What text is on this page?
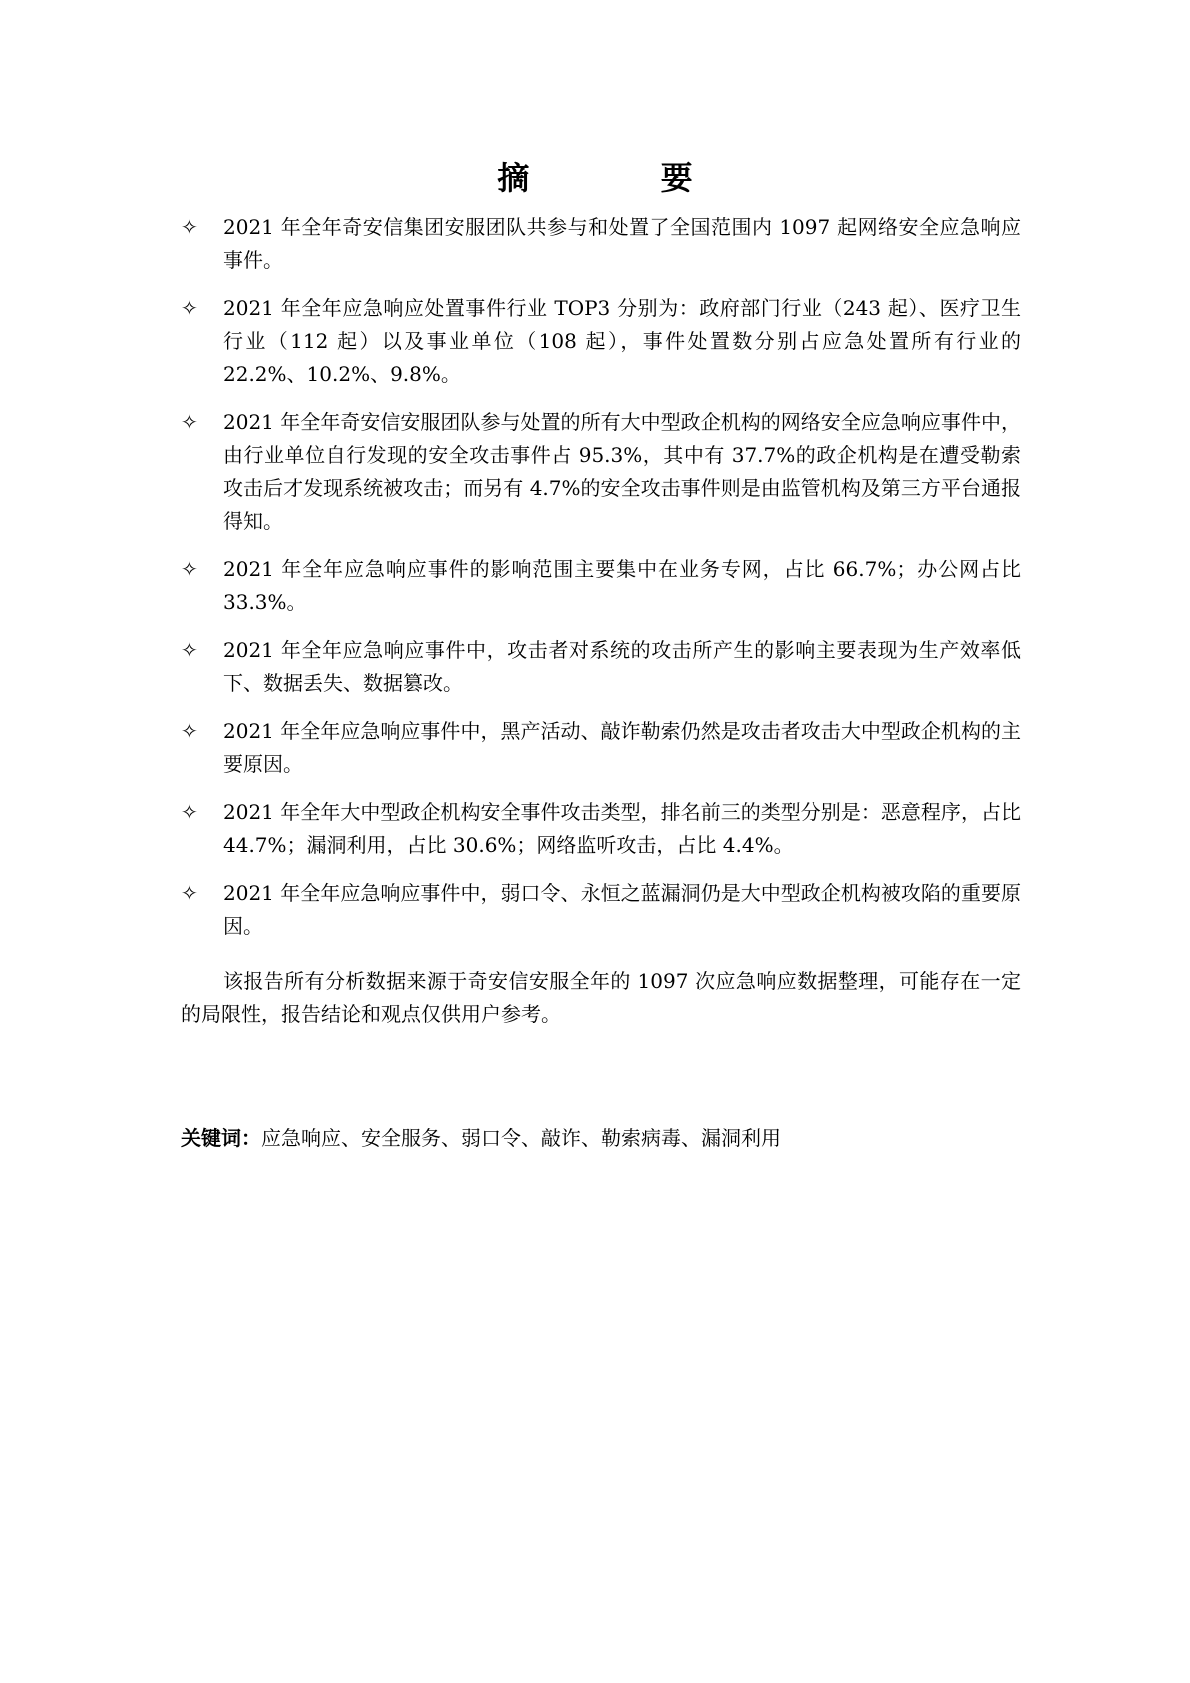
摘 要
✧	2021 年全年奇安信集团安服团队共参与和处置了全国范围内 1097 起网络安全应急响应事件。
✧	2021 年全年应急响应处置事件行业 TOP3 分别为：政府部门行业（243 起）、医疗卫生行业（112 起）以及事业单位（108 起），事件处置数分别占应急处置所有行业的 22.2%、10.2%、9.8%。
✧	2021 年全年奇安信安服团队参与处置的所有大中型政企机构的网络安全应急响应事件中，由行业单位自行发现的安全攻击事件占 95.3%，其中有 37.7%的政企机构是在遭受勒索攻击后才发现系统被攻击；而另有 4.7%的安全攻击事件则是由监管机构及第三方平台通报得知。
✧	2021 年全年应急响应事件的影响范围主要集中在业务专网，占比 66.7%；办公网占比 33.3%。
✧	2021 年全年应急响应事件中，攻击者对系统的攻击所产生的影响主要表现为生产效率低下、数据丢失、数据篡改。
✧	2021 年全年应急响应事件中，黑产活动、敲诈勒索仍然是攻击者攻击大中型政企机构的主要原因。
✧	2021 年全年大中型政企机构安全事件攻击类型，排名前三的类型分别是：恶意程序，占比 44.7%；漏洞利用，占比 30.6%；网络监听攻击，占比 4.4%。
✧	2021 年全年应急响应事件中，弱口令、永恒之蓝漏洞仍是大中型政企机构被攻陷的重要原因。

该报告所有分析数据来源于奇安信安服全年的 1097 次应急响应数据整理，可能存在一定的局限性，报告结论和观点仅供用户参考。

关键词：应急响应、安全服务、弱口令、敲诈、勒索病毒、漏洞利用
